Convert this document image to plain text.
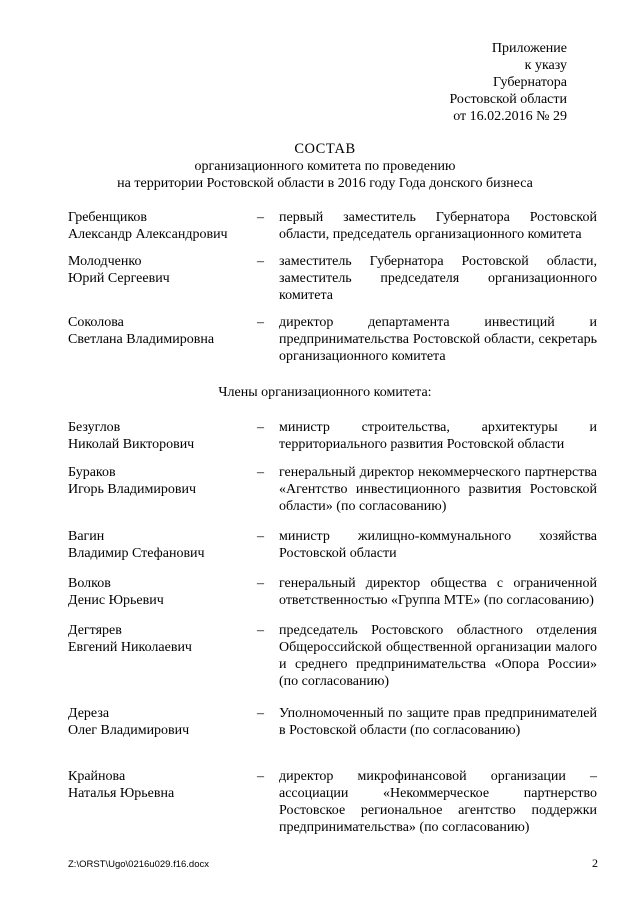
Приложение
к указу
Губернатора
Ростовской области
от 16.02.2016 № 29
СОСТАВ
организационного комитета по проведению
на территории Ростовской области в 2016 году Года донского бизнеса
Гребенщиков
Александр Александрович
– первый заместитель Губернатора Ростовской области, председатель организационного комитета
Молодченко
Юрий Сергеевич
– заместитель Губернатора Ростовской области, заместитель председателя организационного комитета
Соколова
Светлана Владимировна
– директор департамента инвестиций и предпринимательства Ростовской области, секретарь организационного комитета
Члены организационного комитета:
Безуглов
Николай Викторович
– министр строительства, архитектуры и территориального развития Ростовской области
Бураков
Игорь Владимирович
– генеральный директор некоммерческого партнерства «Агентство инвестиционного развития Ростовской области» (по согласованию)
Вагин
Владимир Стефанович
– министр жилищно-коммунального хозяйства Ростовской области
Волков
Денис Юрьевич
– генеральный директор общества с ограниченной ответственностью «Группа МТЕ» (по согласованию)
Дегтярев
Евгений Николаевич
– председатель Ростовского областного отделения Общероссийской общественной организации малого и среднего предпринимательства «Опора России» (по согласованию)
Дереза
Олег Владимирович
– Уполномоченный по защите прав предпринимателей в Ростовской области (по согласованию)
Крайнова
Наталья Юрьевна
– директор микрофинансовой организации – ассоциации «Некоммерческое партнерство Ростовское региональное агентство поддержки предпринимательства» (по согласованию)
Z:\ORST\Ugo\0216u029.f16.docx	2
